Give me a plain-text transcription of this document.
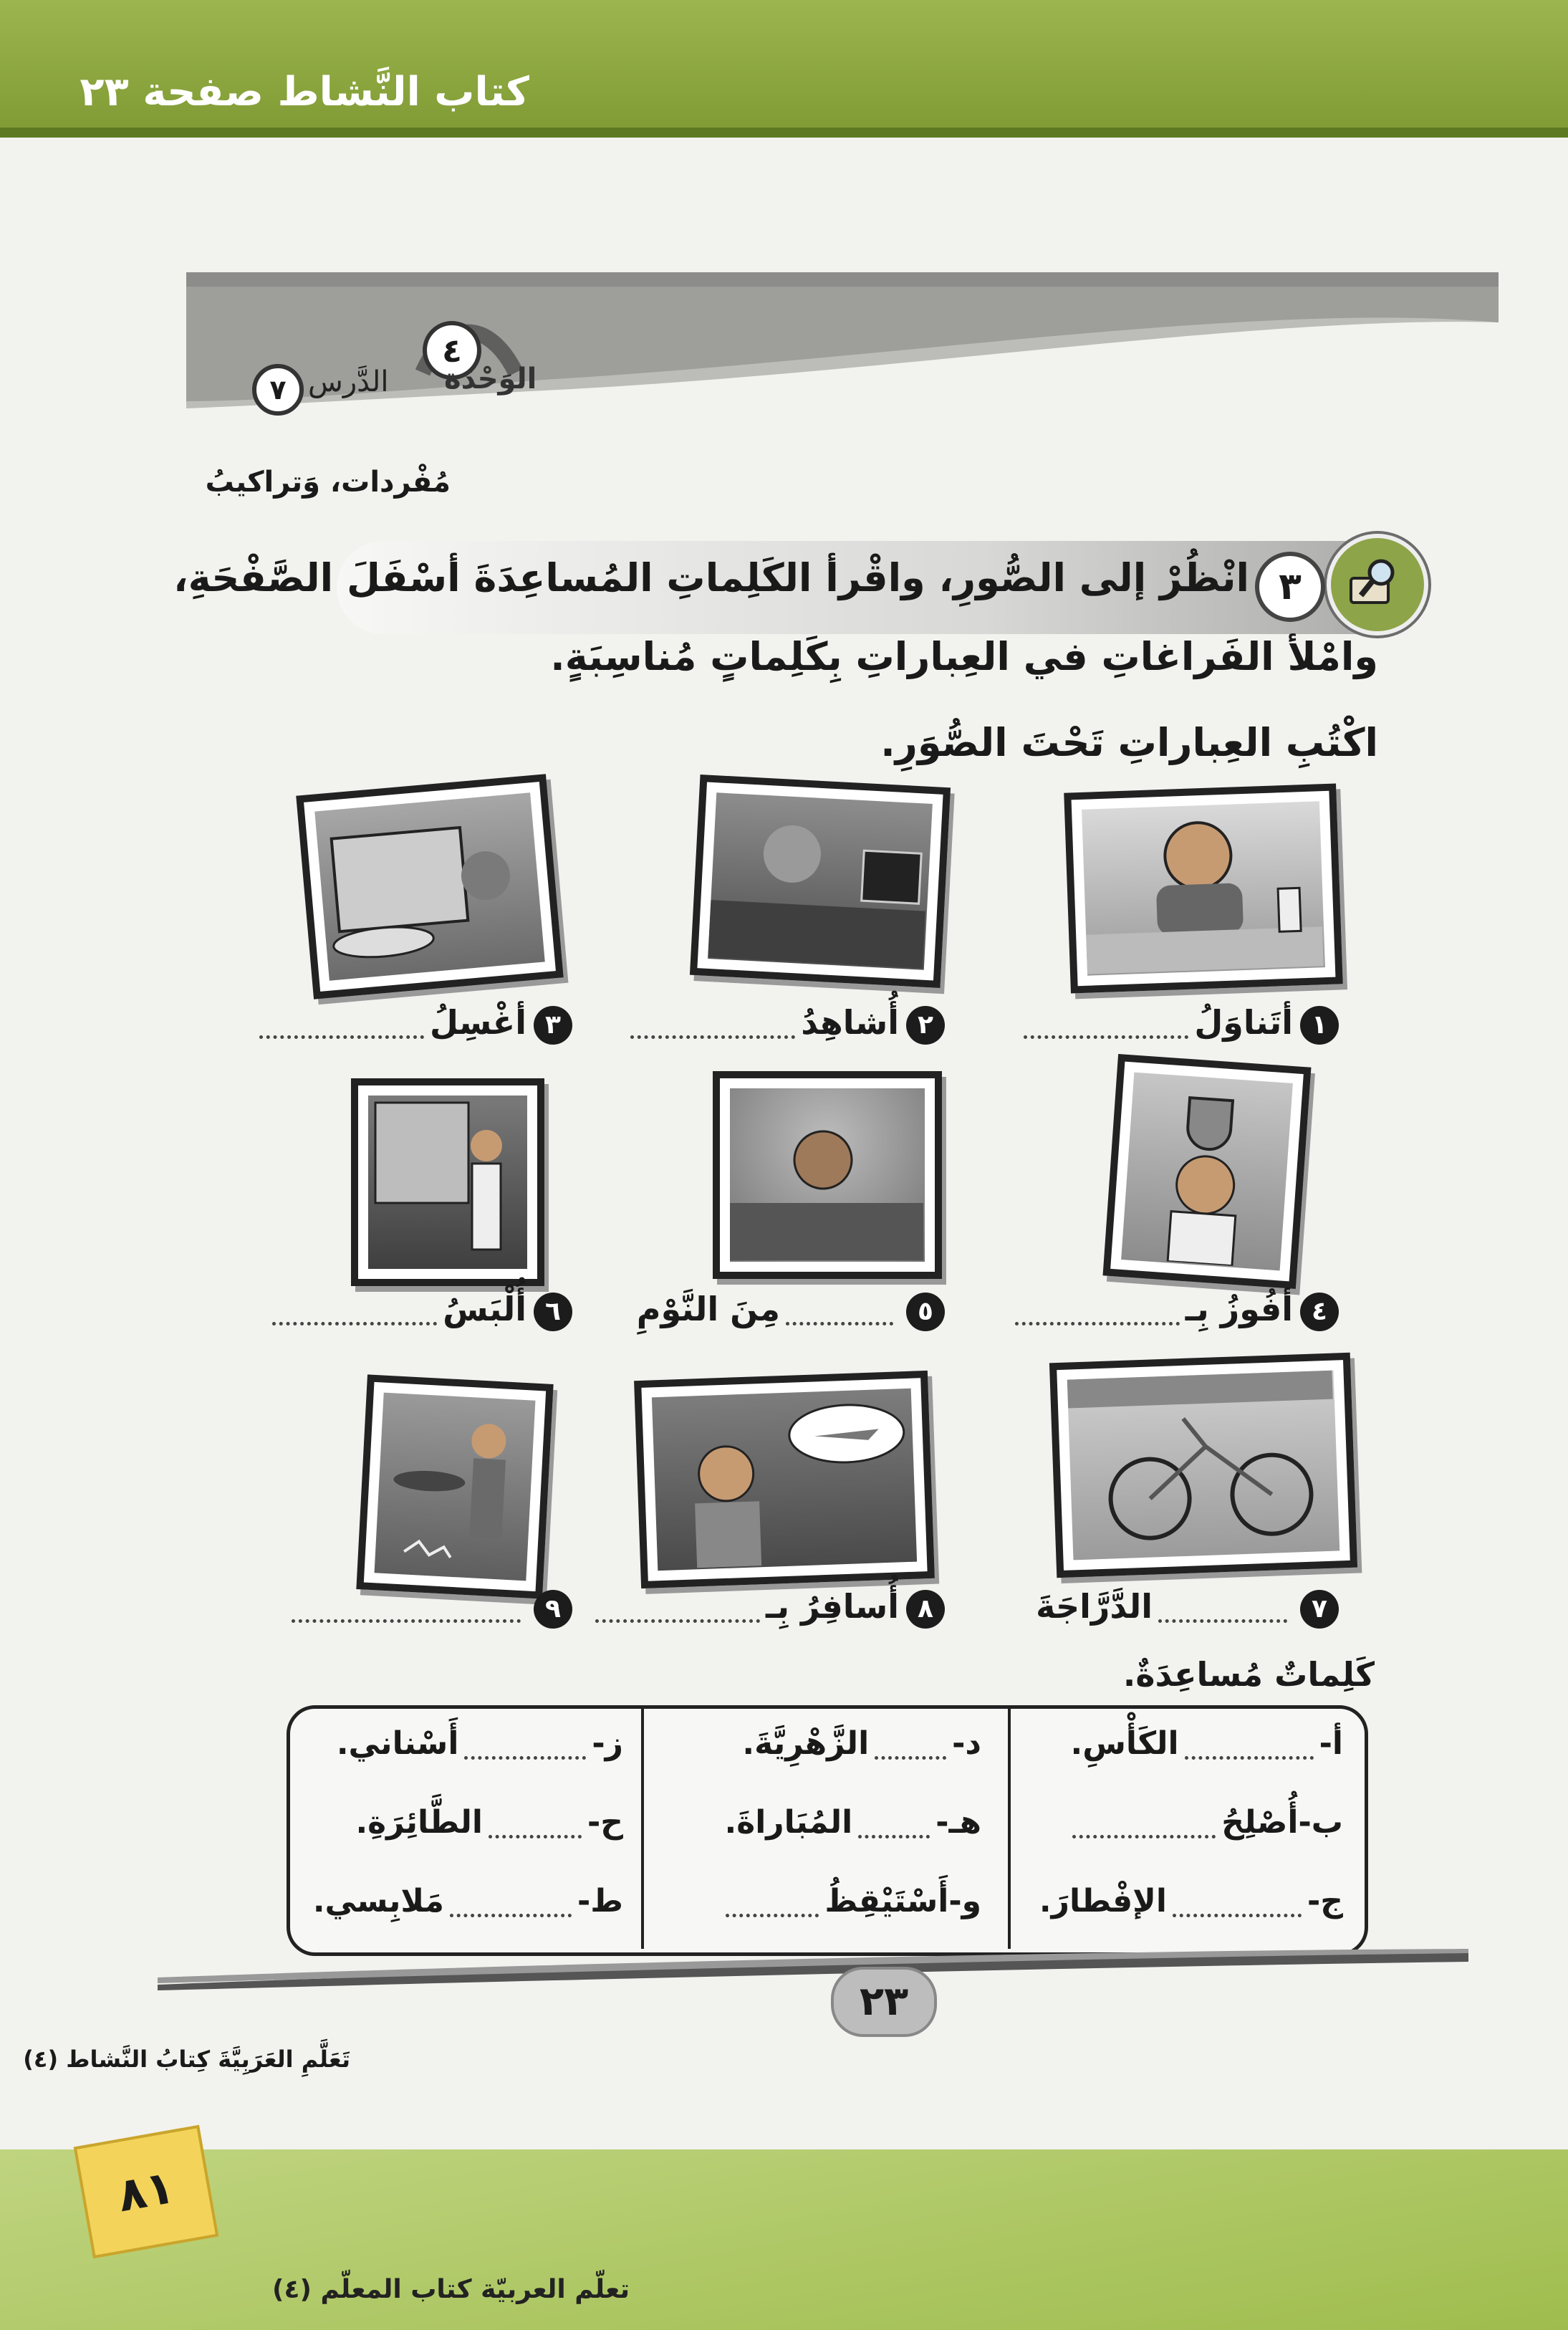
كتاب النَّشاط صفحة ٢٣
٤
الوَحْدَة
٧ الدَّرس
مُفْردات، وَتراكيبُ
٣
انْظُرْ إلى الصُّورِ، واقْرأ الكَلِماتِ المُساعِدَةَ أسْفَلَ الصَّفْحَةِ،
وامْلأ الفَراغاتِ في العِباراتِ بِكَلِماتٍ مُناسِبَةٍ.
اكْتُبِ العِباراتِ تَحْتَ الصُّوَرِ.
١أتَناوَلُ
٢أُشاهِدُ
٣أغْسِلُ
٤أفُوزُ بِـ
٥مِنَ النَّوْمِ
٦أُلْبَسُ
٧الدَّرَّاجَةَ
٨أُسافِرُ بِـ
٩
كَلِماتٌ مُساعِدَةٌ.
أ-الكَأْسِ.
ب-أُصْلِحُ
ج-الإفْطارَ.
د-الزَّهْرِيَّةَ.
هـ-المُبَاراةَ.
و-أَسْتَيْقِظُ
ز-أَسْناني.
ح-الطَّائِرَةِ.
ط-مَلابِسي.
٢٣
تَعَلَّمِ العَرَبِيَّةَ كِتابُ النَّشاط (٤)
٨١
تعلّم العربيّة كتاب المعلّم (٤)
